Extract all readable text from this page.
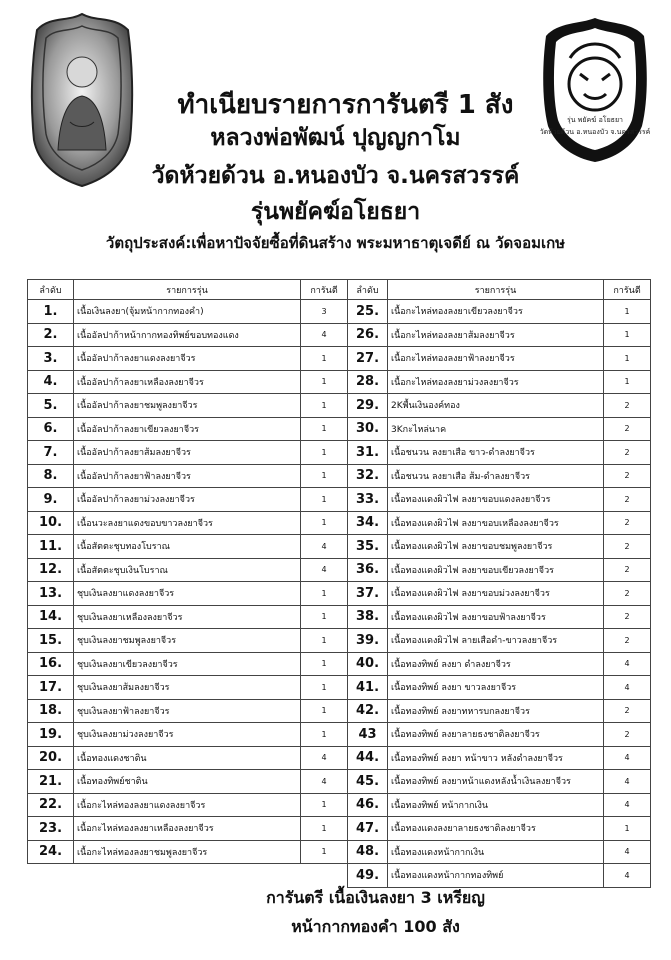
รุ่น พยัคฆ์ อโยธยา
วัดห้วยด้วน อ.หนองบัว จ.นครสวรรค์
ทำเนียบรายการการันตรี 1 สัง
หลวงพ่อพัฒน์ ปุญญกาโม
วัดห้วยด้วน อ.หนองบัว จ.นครสวรรค์
รุ่นพยัคฆ์อโยธยา
วัตถุประสงค์:เพื่อหาปัจจัยซื้อที่ดินสร้าง พระมหาธาตุเจดีย์ ณ วัดจอมเกษ
ลำดับ	รายการรุ่น	การันตี
1.	เนื้อเงินลงยา(จุ้มหน้ากากทองคำ)	3
2.	เนื้ออัลปาก้าหน้ากากทองทิพย์ขอบทองแดง	4
3.	เนื้ออัลปาก้าลงยาแดงลงยาจีวร	1
4.	เนื้ออัลปาก้าลงยาเหลืองลงยาจีวร	1
5.	เนื้ออัลปาก้าลงยาชมพูลงยาจีวร	1
6.	เนื้ออัลปาก้าลงยาเขียวลงยาจีวร	1
7.	เนื้ออัลปาก้าลงยาส้มลงยาจีวร	1
8.	เนื้ออัลปาก้าลงยาฟ้าลงยาจีวร	1
9.	เนื้ออัลปาก้าลงยาม่วงลงยาจีวร	1
10.	เนื้อนวะลงยาแดงขอบขาวลงยาจีวร	1
11.	เนื้อสัตตะชุบทองโบราณ	4
12.	เนื้อสัตตะชุบเงินโบราณ	4
13.	ชุบเงินลงยาแดงลงยาจีวร	1
14.	ชุบเงินลงยาเหลืองลงยาจีวร	1
15.	ชุบเงินลงยาชมพูลงยาจีวร	1
16.	ชุบเงินลงยาเขียวลงยาจีวร	1
17.	ชุบเงินลงยาส้มลงยาจีวร	1
18.	ชุบเงินลงยาฟ้าลงยาจีวร	1
19.	ชุบเงินลงยาม่วงลงยาจีวร	1
20.	เนื้อทองแดงชาติน	4
21.	เนื้อทองทิพย์ชาติน	4
22.	เนื้อกะไหล่ทองลงยาแดงลงยาจีวร	1
23.	เนื้อกะไหล่ทองลงยาเหลืองลงยาจีวร	1
24.	เนื้อกะไหล่ทองลงยาชมพูลงยาจีวร	1
ลำดับ	รายการรุ่น	การันตี
25.	เนื้อกะไหล่ทองลงยาเขียวลงยาจีวร	1
26.	เนื้อกะไหล่ทองลงยาส้มลงยาจีวร	1
27.	เนื้อกะไหล่ทองลงยาฟ้าลงยาจีวร	1
28.	เนื้อกะไหล่ทองลงยาม่วงลงยาจีวร	1
29.	2Kพื้นเงินองค์ทอง	2
30.	3Kกะไหล่นาค	2
31.	เนื้อชนวน ลงยาเสือ ขาว-ดำลงยาจีวร	2
32.	เนื้อชนวน ลงยาเสือ ส้ม-ดำลงยาจีวร	2
33.	เนื้อทองแดงผิวไฟ ลงยาขอบแดงลงยาจีวร	2
34.	เนื้อทองแดงผิวไฟ ลงยาขอบเหลืองลงยาจีวร	2
35.	เนื้อทองแดงผิวไฟ ลงยาขอบชมพูลงยาจีวร	2
36.	เนื้อทองแดงผิวไฟ ลงยาขอบเขียวลงยาจีวร	2
37.	เนื้อทองแดงผิวไฟ ลงยาขอบม่วงลงยาจีวร	2
38.	เนื้อทองแดงผิวไฟ ลงยาขอบฟ้าลงยาจีวร	2
39.	เนื้อทองแดงผิวไฟ ลายเสือดำ-ขาวลงยาจีวร	2
40.	เนื้อทองทิพย์ ลงยา ดำลงยาจีวร	4
41.	เนื้อทองทิพย์ ลงยา ขาวลงยาจีวร	4
42.	เนื้อทองทิพย์ ลงยาทหารบกลงยาจีวร	2
43	เนื้อทองทิพย์ ลงยาลายธงชาติลงยาจีวร	2
44.	เนื้อทองทิพย์ ลงยา หน้าขาว หลังดำลงยาจีวร	4
45.	เนื้อทองทิพย์ ลงยาหน้าแดงหลังน้ำเงินลงยาจีวร	4
46.	เนื้อทองทิพย์ หน้ากากเงิน	4
47.	เนื้อทองแดงลงยาลายธงชาติลงยาจีวร	1
48.	เนื้อทองแดงหน้ากากเงิน	4
49.	เนื้อทองแดงหน้ากากทองทิพย์	4
การันตรี เนื้อเงินลงยา 3 เหรียญ
หน้ากากทองคำ 100 สัง
